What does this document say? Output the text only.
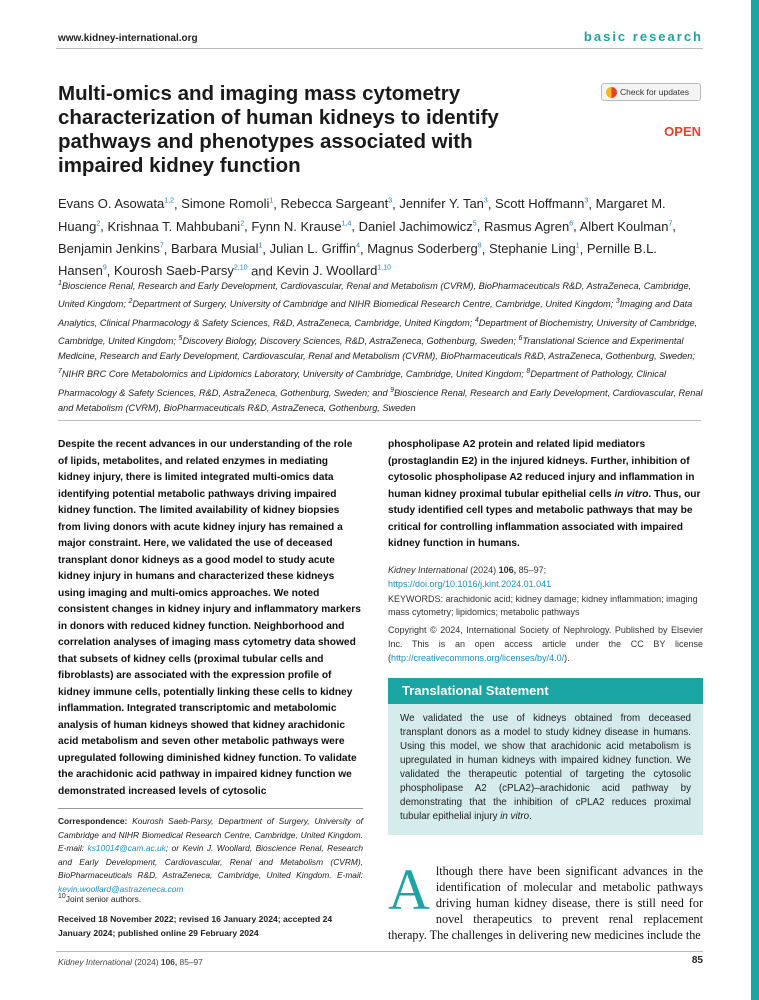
www.kidney-international.org	basic research
Multi-omics and imaging mass cytometry characterization of human kidneys to identify pathways and phenotypes associated with impaired kidney function
Check for updates
OPEN
Evans O. Asowata$^{1,2}$, Simone Romoli$^1$, Rebecca Sargeant$^3$, Jennifer Y. Tan$^3$, Scott Hoffmann$^3$, Margaret M. Huang$^2$, Krishnaa T. Mahbubani$^2$, Fynn N. Krause$^{1,4}$, Daniel Jachimowicz$^5$, Rasmus Agren$^6$, Albert Koulman$^7$, Benjamin Jenkins$^7$, Barbara Musial$^1$, Julian L. Griffin$^4$, Magnus Soderberg$^8$, Stephanie Ling$^1$, Pernille B.L. Hansen$^9$, Kourosh Saeb-Parsy$^{2,10}$ and Kevin J. Woollard$^{1,10}$
$^1$Bioscience Renal, Research and Early Development, Cardiovascular, Renal and Metabolism (CVRM), BioPharmaceuticals R&D, AstraZeneca, Cambridge, United Kingdom; $^2$Department of Surgery, University of Cambridge and NIHR Biomedical Research Centre, Cambridge, United Kingdom; $^3$Imaging and Data Analytics, Clinical Pharmacology & Safety Sciences, R&D, AstraZeneca, Cambridge, United Kingdom; $^4$Department of Biochemistry, University of Cambridge, Cambridge, United Kingdom; $^5$Discovery Biology, Discovery Sciences, R&D, AstraZeneca, Gothenburg, Sweden; $^6$Translational Science and Experimental Medicine, Research and Early Development, Cardiovascular, Renal and Metabolism (CVRM), BioPharmaceuticals R&D, AstraZeneca, Gothenburg, Sweden; $^7$NIHR BRC Core Metabolomics and Lipidomics Laboratory, University of Cambridge, Cambridge, United Kingdom; $^8$Department of Pathology, Clinical Pharmacology & Safety Sciences, R&D, AstraZeneca, Gothenburg, Sweden; and $^9$Bioscience Renal, Research and Early Development, Cardiovascular, Renal and Metabolism (CVRM), BioPharmaceuticals R&D, AstraZeneca, Gothenburg, Sweden
Despite the recent advances in our understanding of the role of lipids, metabolites, and related enzymes in mediating kidney injury, there is limited integrated multi-omics data identifying potential metabolic pathways driving impaired kidney function. The limited availability of kidney biopsies from living donors with acute kidney injury has remained a major constraint. Here, we validated the use of deceased transplant donor kidneys as a good model to study acute kidney injury in humans and characterized these kidneys using imaging and multi-omics approaches. We noted consistent changes in kidney injury and inflammatory markers in donors with reduced kidney function. Neighborhood and correlation analyses of imaging mass cytometry data showed that subsets of kidney cells (proximal tubular cells and fibroblasts) are associated with the expression profile of kidney immune cells, potentially linking these cells to kidney inflammation. Integrated transcriptomic and metabolomic analysis of human kidneys showed that kidney arachidonic acid metabolism and seven other metabolic pathways were upregulated following diminished kidney function. To validate the arachidonic acid pathway in impaired kidney function we demonstrated increased levels of cytosolic
phospholipase A2 protein and related lipid mediators (prostaglandin E2) in the injured kidneys. Further, inhibition of cytosolic phospholipase A2 reduced injury and inflammation in human kidney proximal tubular epithelial cells in vitro. Thus, our study identified cell types and metabolic pathways that may be critical for controlling inflammation associated with impaired kidney function in humans.
Kidney International (2024) 106, 85–97; https://doi.org/10.1016/j.kint.2024.01.041
KEYWORDS: arachidonic acid; kidney damage; kidney inflammation; imaging mass cytometry; lipidomics; metabolic pathways
Copyright © 2024, International Society of Nephrology. Published by Elsevier Inc. This is an open access article under the CC BY license (http://creativecommons.org/licenses/by/4.0/).
Translational Statement
We validated the use of kidneys obtained from deceased transplant donors as a model to study kidney disease in humans. Using this model, we show that arachidonic acid metabolism is upregulated in human kidneys with impaired kidney function. We validated the therapeutic potential of targeting the cytosolic phospholipase A2 (cPLA2)–arachidonic acid pathway by demonstrating that the inhibition of cPLA2 reduces proximal tubular epithelial injury in vitro.
Correspondence: Kourosh Saeb-Parsy, Department of Surgery, University of Cambridge and NIHR Biomedical Research Centre, Cambridge, United Kingdom. E-mail: ks10014@cam.ac.uk; or Kevin J. Woollard, Bioscience Renal, Research and Early Development, Cardiovascular, Renal and Metabolism (CVRM), BioPharmaceuticals R&D, AstraZeneca, Cambridge, United Kingdom. E-mail: kevin.woollard@astrazeneca.com
$^{10}$Joint senior authors.
Received 18 November 2022; revised 16 January 2024; accepted 24 January 2024; published online 29 February 2024
Although there have been significant advances in the identification of molecular and metabolic pathways driving human kidney disease, there is still need for novel therapeutics to prevent renal replacement therapy. The challenges in delivering new medicines include the
Kidney International (2024) 106, 85–97	85
